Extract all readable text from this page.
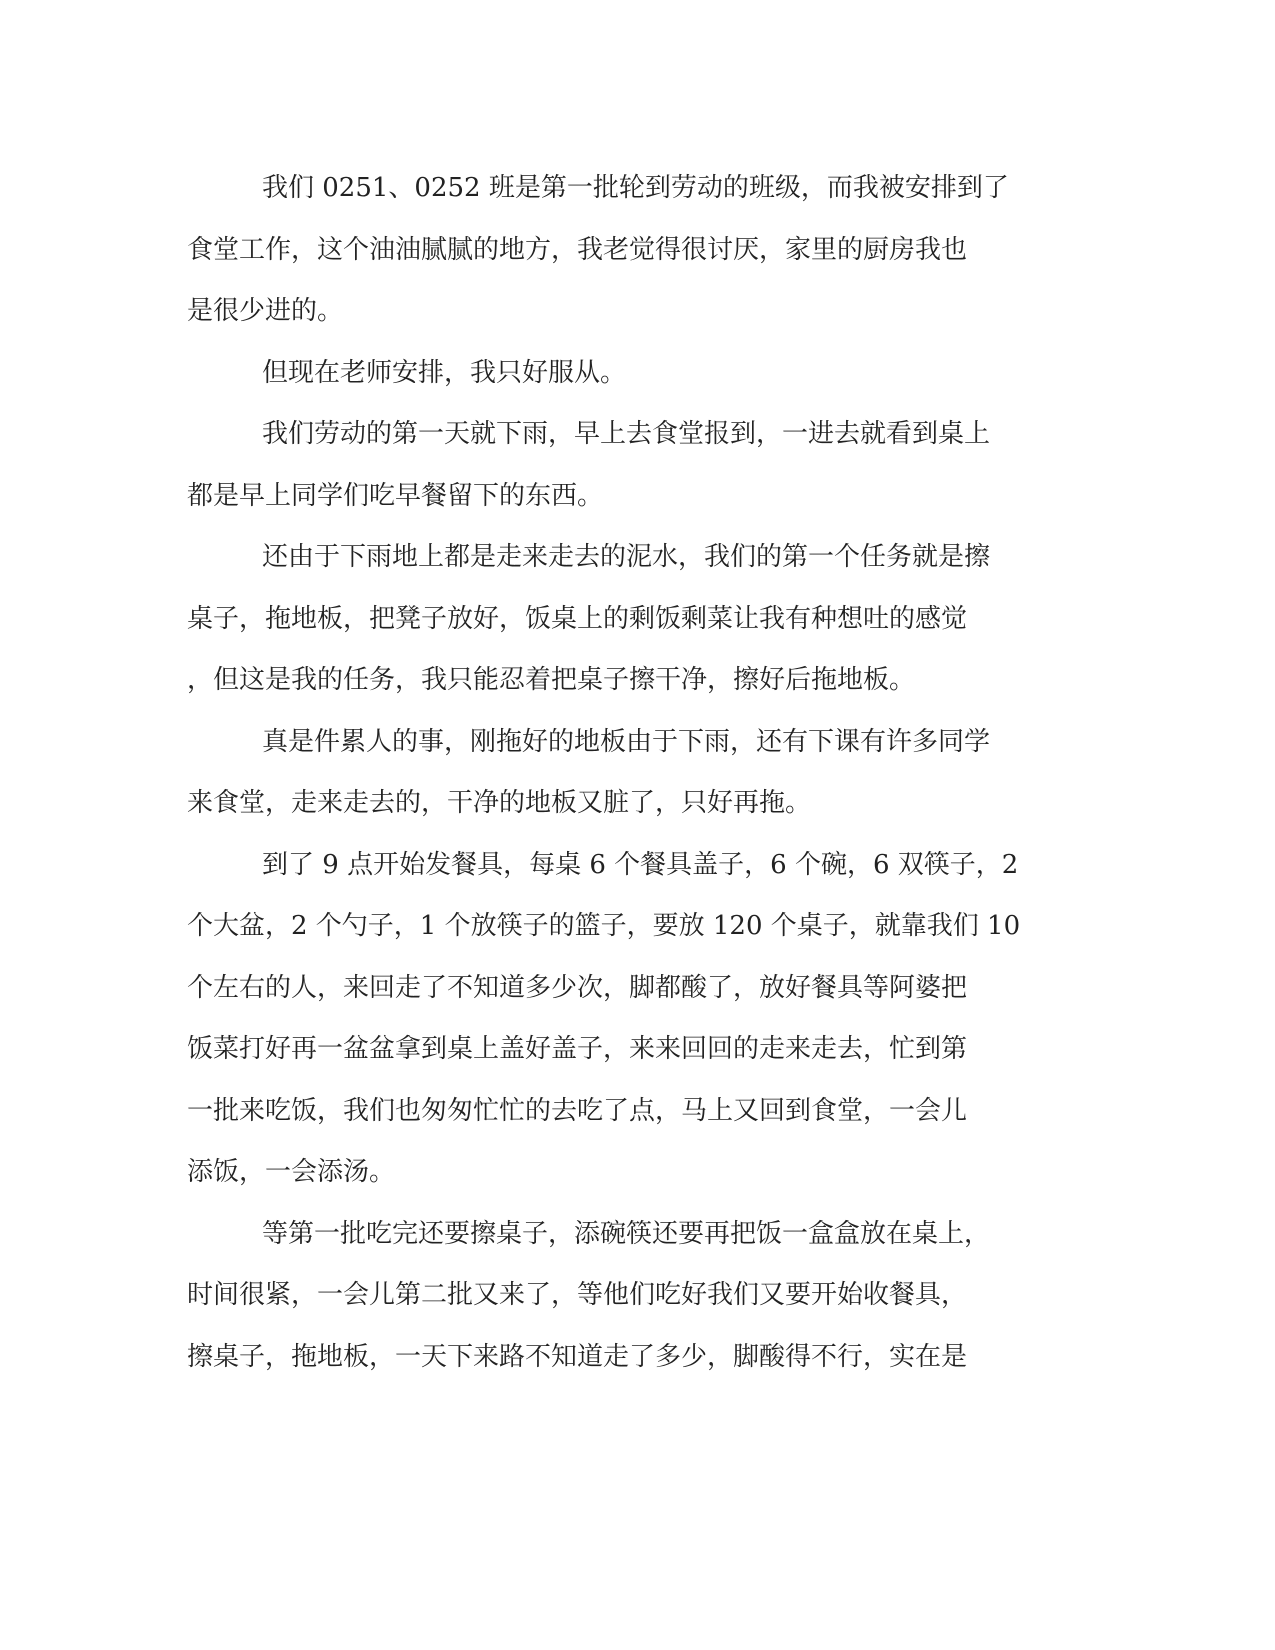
我们 0251、0252 班是第一批轮到劳动的班级，而我被安排到了
食堂工作，这个油油腻腻的地方，我老觉得很讨厌，家里的厨房我也
是很少进的。
但现在老师安排，我只好服从。
我们劳动的第一天就下雨，早上去食堂报到，一进去就看到桌上
都是早上同学们吃早餐留下的东西。
还由于下雨地上都是走来走去的泥水，我们的第一个任务就是擦
桌子，拖地板，把凳子放好，饭桌上的剩饭剩菜让我有种想吐的感觉
，但这是我的任务，我只能忍着把桌子擦干净，擦好后拖地板。
真是件累人的事，刚拖好的地板由于下雨，还有下课有许多同学
来食堂，走来走去的，干净的地板又脏了，只好再拖。
到了 9 点开始发餐具，每桌 6 个餐具盖子，6 个碗，6 双筷子，2
个大盆，2 个勺子，1 个放筷子的篮子，要放 120 个桌子，就靠我们 10
个左右的人，来回走了不知道多少次，脚都酸了，放好餐具等阿婆把
饭菜打好再一盆盆拿到桌上盖好盖子，来来回回的走来走去，忙到第
一批来吃饭，我们也匆匆忙忙的去吃了点，马上又回到食堂，一会儿
添饭，一会添汤。
等第一批吃完还要擦桌子，添碗筷还要再把饭一盒盒放在桌上，
时间很紧，一会儿第二批又来了，等他们吃好我们又要开始收餐具，
擦桌子，拖地板，一天下来路不知道走了多少，脚酸得不行，实在是
